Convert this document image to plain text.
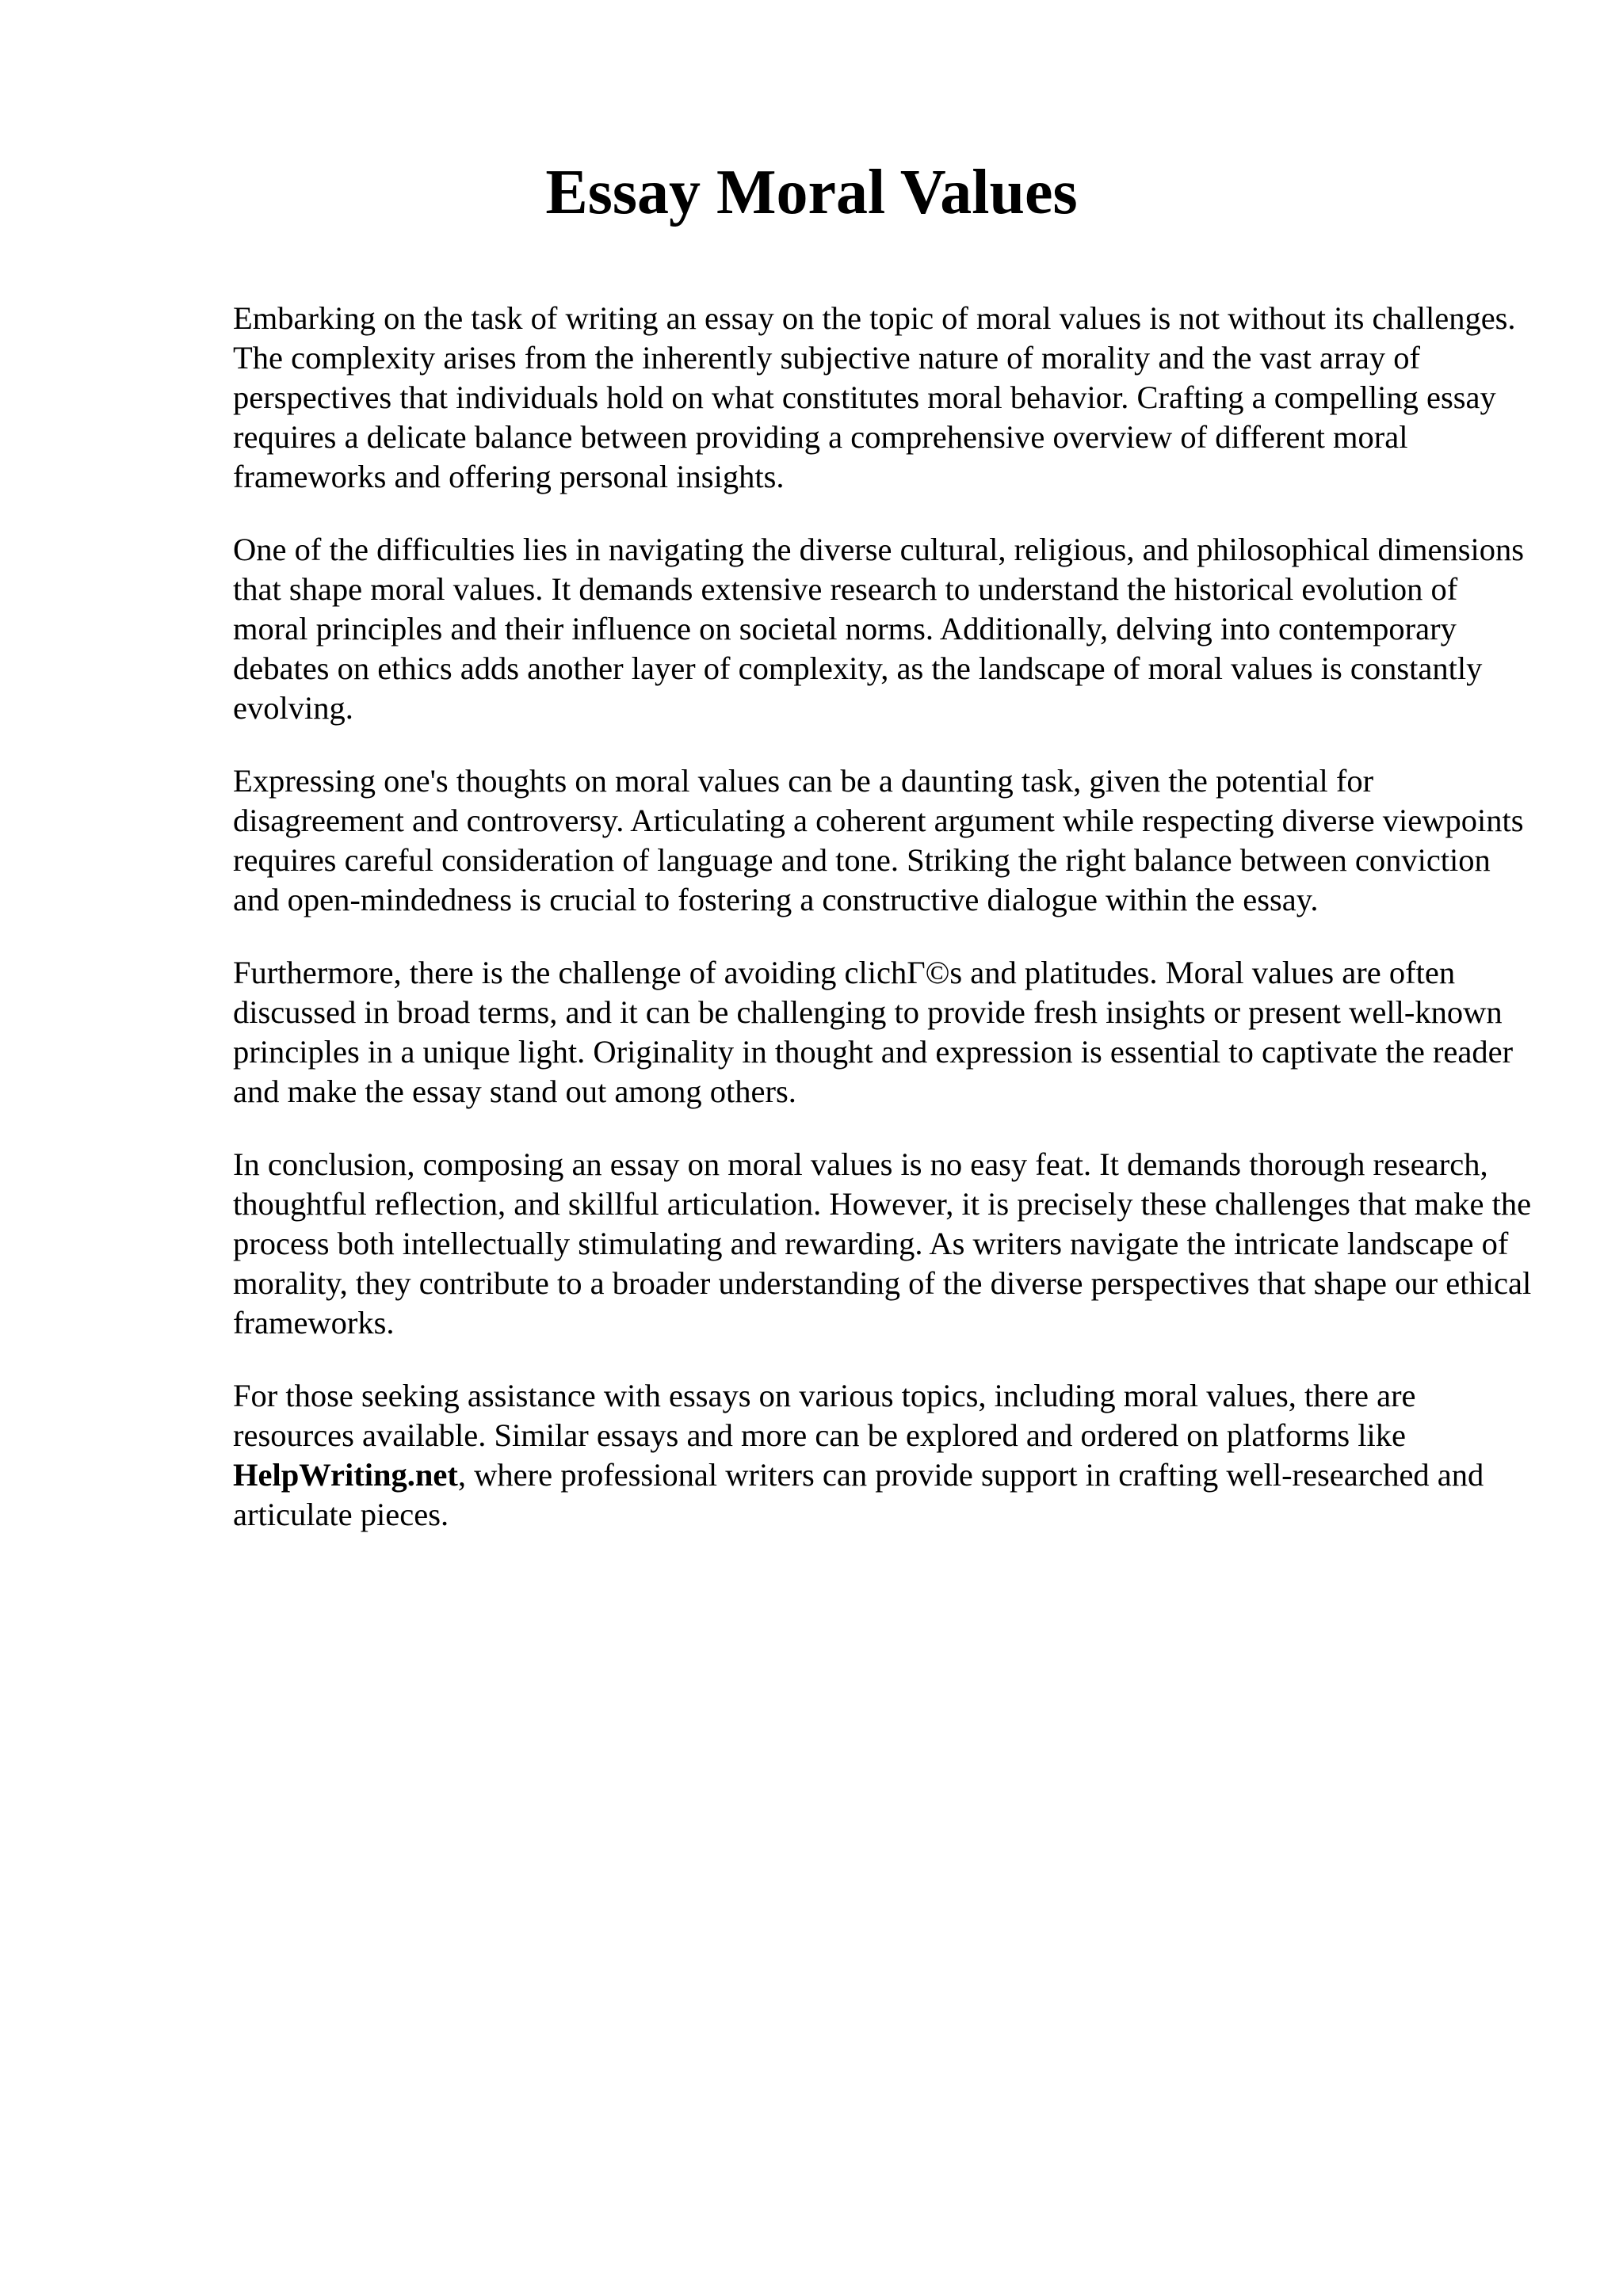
Essay Moral Values

Embarking on the task of writing an essay on the topic of moral values is not without its challenges. The complexity arises from the inherently subjective nature of morality and the vast array of perspectives that individuals hold on what constitutes moral behavior. Crafting a compelling essay requires a delicate balance between providing a comprehensive overview of different moral frameworks and offering personal insights.

One of the difficulties lies in navigating the diverse cultural, religious, and philosophical dimensions that shape moral values. It demands extensive research to understand the historical evolution of moral principles and their influence on societal norms. Additionally, delving into contemporary debates on ethics adds another layer of complexity, as the landscape of moral values is constantly evolving.

Expressing one's thoughts on moral values can be a daunting task, given the potential for disagreement and controversy. Articulating a coherent argument while respecting diverse viewpoints requires careful consideration of language and tone. Striking the right balance between conviction and open-mindedness is crucial to fostering a constructive dialogue within the essay.

Furthermore, there is the challenge of avoiding clichΓ©s and platitudes. Moral values are often discussed in broad terms, and it can be challenging to provide fresh insights or present well-known principles in a unique light. Originality in thought and expression is essential to captivate the reader and make the essay stand out among others.

In conclusion, composing an essay on moral values is no easy feat. It demands thorough research, thoughtful reflection, and skillful articulation. However, it is precisely these challenges that make the process both intellectually stimulating and rewarding. As writers navigate the intricate landscape of morality, they contribute to a broader understanding of the diverse perspectives that shape our ethical frameworks.

For those seeking assistance with essays on various topics, including moral values, there are resources available. Similar essays and more can be explored and ordered on platforms like HelpWriting.net, where professional writers can provide support in crafting well-researched and articulate pieces.
